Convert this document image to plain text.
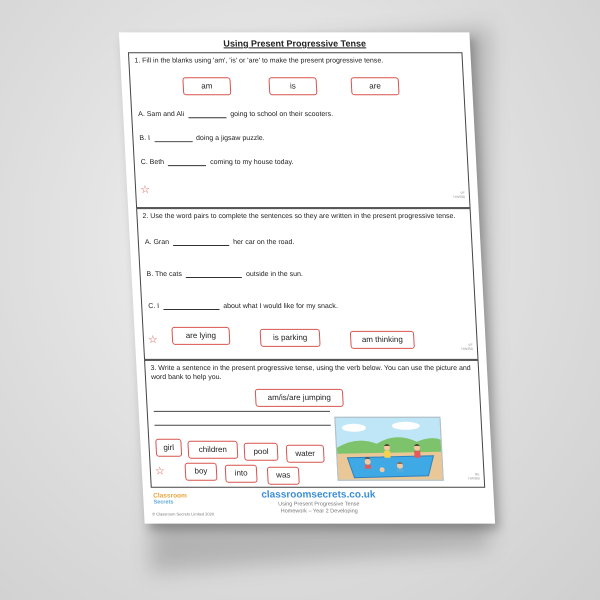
Using Present Progressive Tense
1. Fill in the blanks using 'am', 'is' or 'are' to make the present progressive tense.
am	is	are
A. Sam and Ali	going to school on their scooters.
B. I	doing a jigsaw puzzle.
C. Beth	coming to my house today.
☆	VF
HW/BB
2. Use the word pairs to complete the sentences so they are written in the present progressive tense.
A. Gran	her car on the road.
B. The cats	outside in the sun.
C. I	about what I would like for my snack.
are lying	is parking	am thinking
☆	VF
HW/BB
3. Write a sentence in the present progressive tense, using the verb below. You can use the picture and word bank to help you.
am/is/are jumping
girl	children	pool	water
boy	into	was
☆	RE
HW/BB
Classroom
Secrets
© Classroom Secrets Limited 2020
classroomsecrets.co.uk
Using Present Progressive Tense
Homework – Year 2 Developing
